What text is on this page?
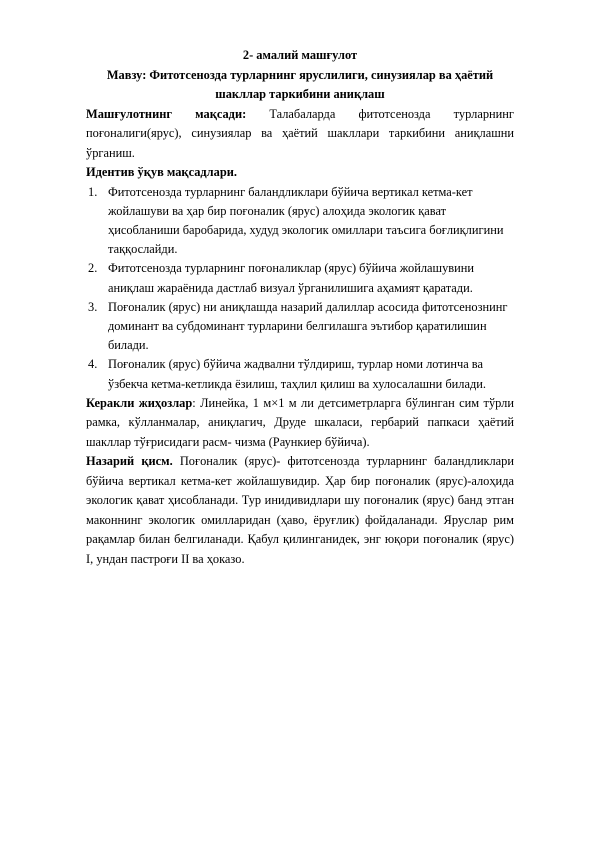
2- амалий машғулот

Мавзу: Фитотсенозда турларнинг яруслилиги, синузиялар ва ҳаётий шакллар таркибини аниқлаш

Машғулотнинг мақсади: Талабаларда фитотсенозда турларнинг поғоналиги(ярус), синузиялар ва ҳаётий шакллари таркибини аниқлашни ўрганиш.

Идентив ўқув мақсадлари.

1. Фитотсенозда турларнинг баландликлари бўйича вертикал кетма-кет жойлашуви ва ҳар бир поғоналик (ярус) алоҳида экологик қават ҳисобланиши баробарида, худуд экологик омиллари таъсига боғлиқлигини таққослайди.
2. Фитотсенозда турларнинг поғоналиклар (ярус) бўйича жойлашувини аниқлаш жараёнида дастлаб визуал ўрганилишига аҳамият қаратади.
3. Поғоналик (ярус) ни аниқлашда назарий далиллар асосида фитотсенознинг доминант ва субдоминант турларини белгилашга эътибор қаратилишин билади.
4. Поғоналик (ярус) бўйича жадвални тўлдириш, турлар номи лотинча ва ўзбекча кетма-кетликда ёзилиш, таҳлил қилиш ва хулосалашни билади.

Керакли жиҳозлар: Линейка, 1 м×1 м ли детсиметрларга бўлинган сим тўрли рамка, кўлланмалар, аниқлагич, Друде шкаласи, гербарий папкаси ҳаётий шакллар тўғрисидаги расм- чизма (Раункиер бўйича).

Назарий қисм. Поғоналик (ярус)- фитотсенозда турларнинг баландликлари бўйича вертикал кетма-кет жойлашувидир. Ҳар бир поғоналик (ярус)-алоҳида экологик қават ҳисобланади. Тур инидивидлари шу поғоналик (ярус) банд этган маконнинг экологик омилларидан (ҳаво, ёруғлик) фойдаланади. Яруслар рим рақамлар билан белгиланади. Қабул қилинганидек, энг юқори поғоналик (ярус) I, ундан пастроғи II ва ҳоказо.
